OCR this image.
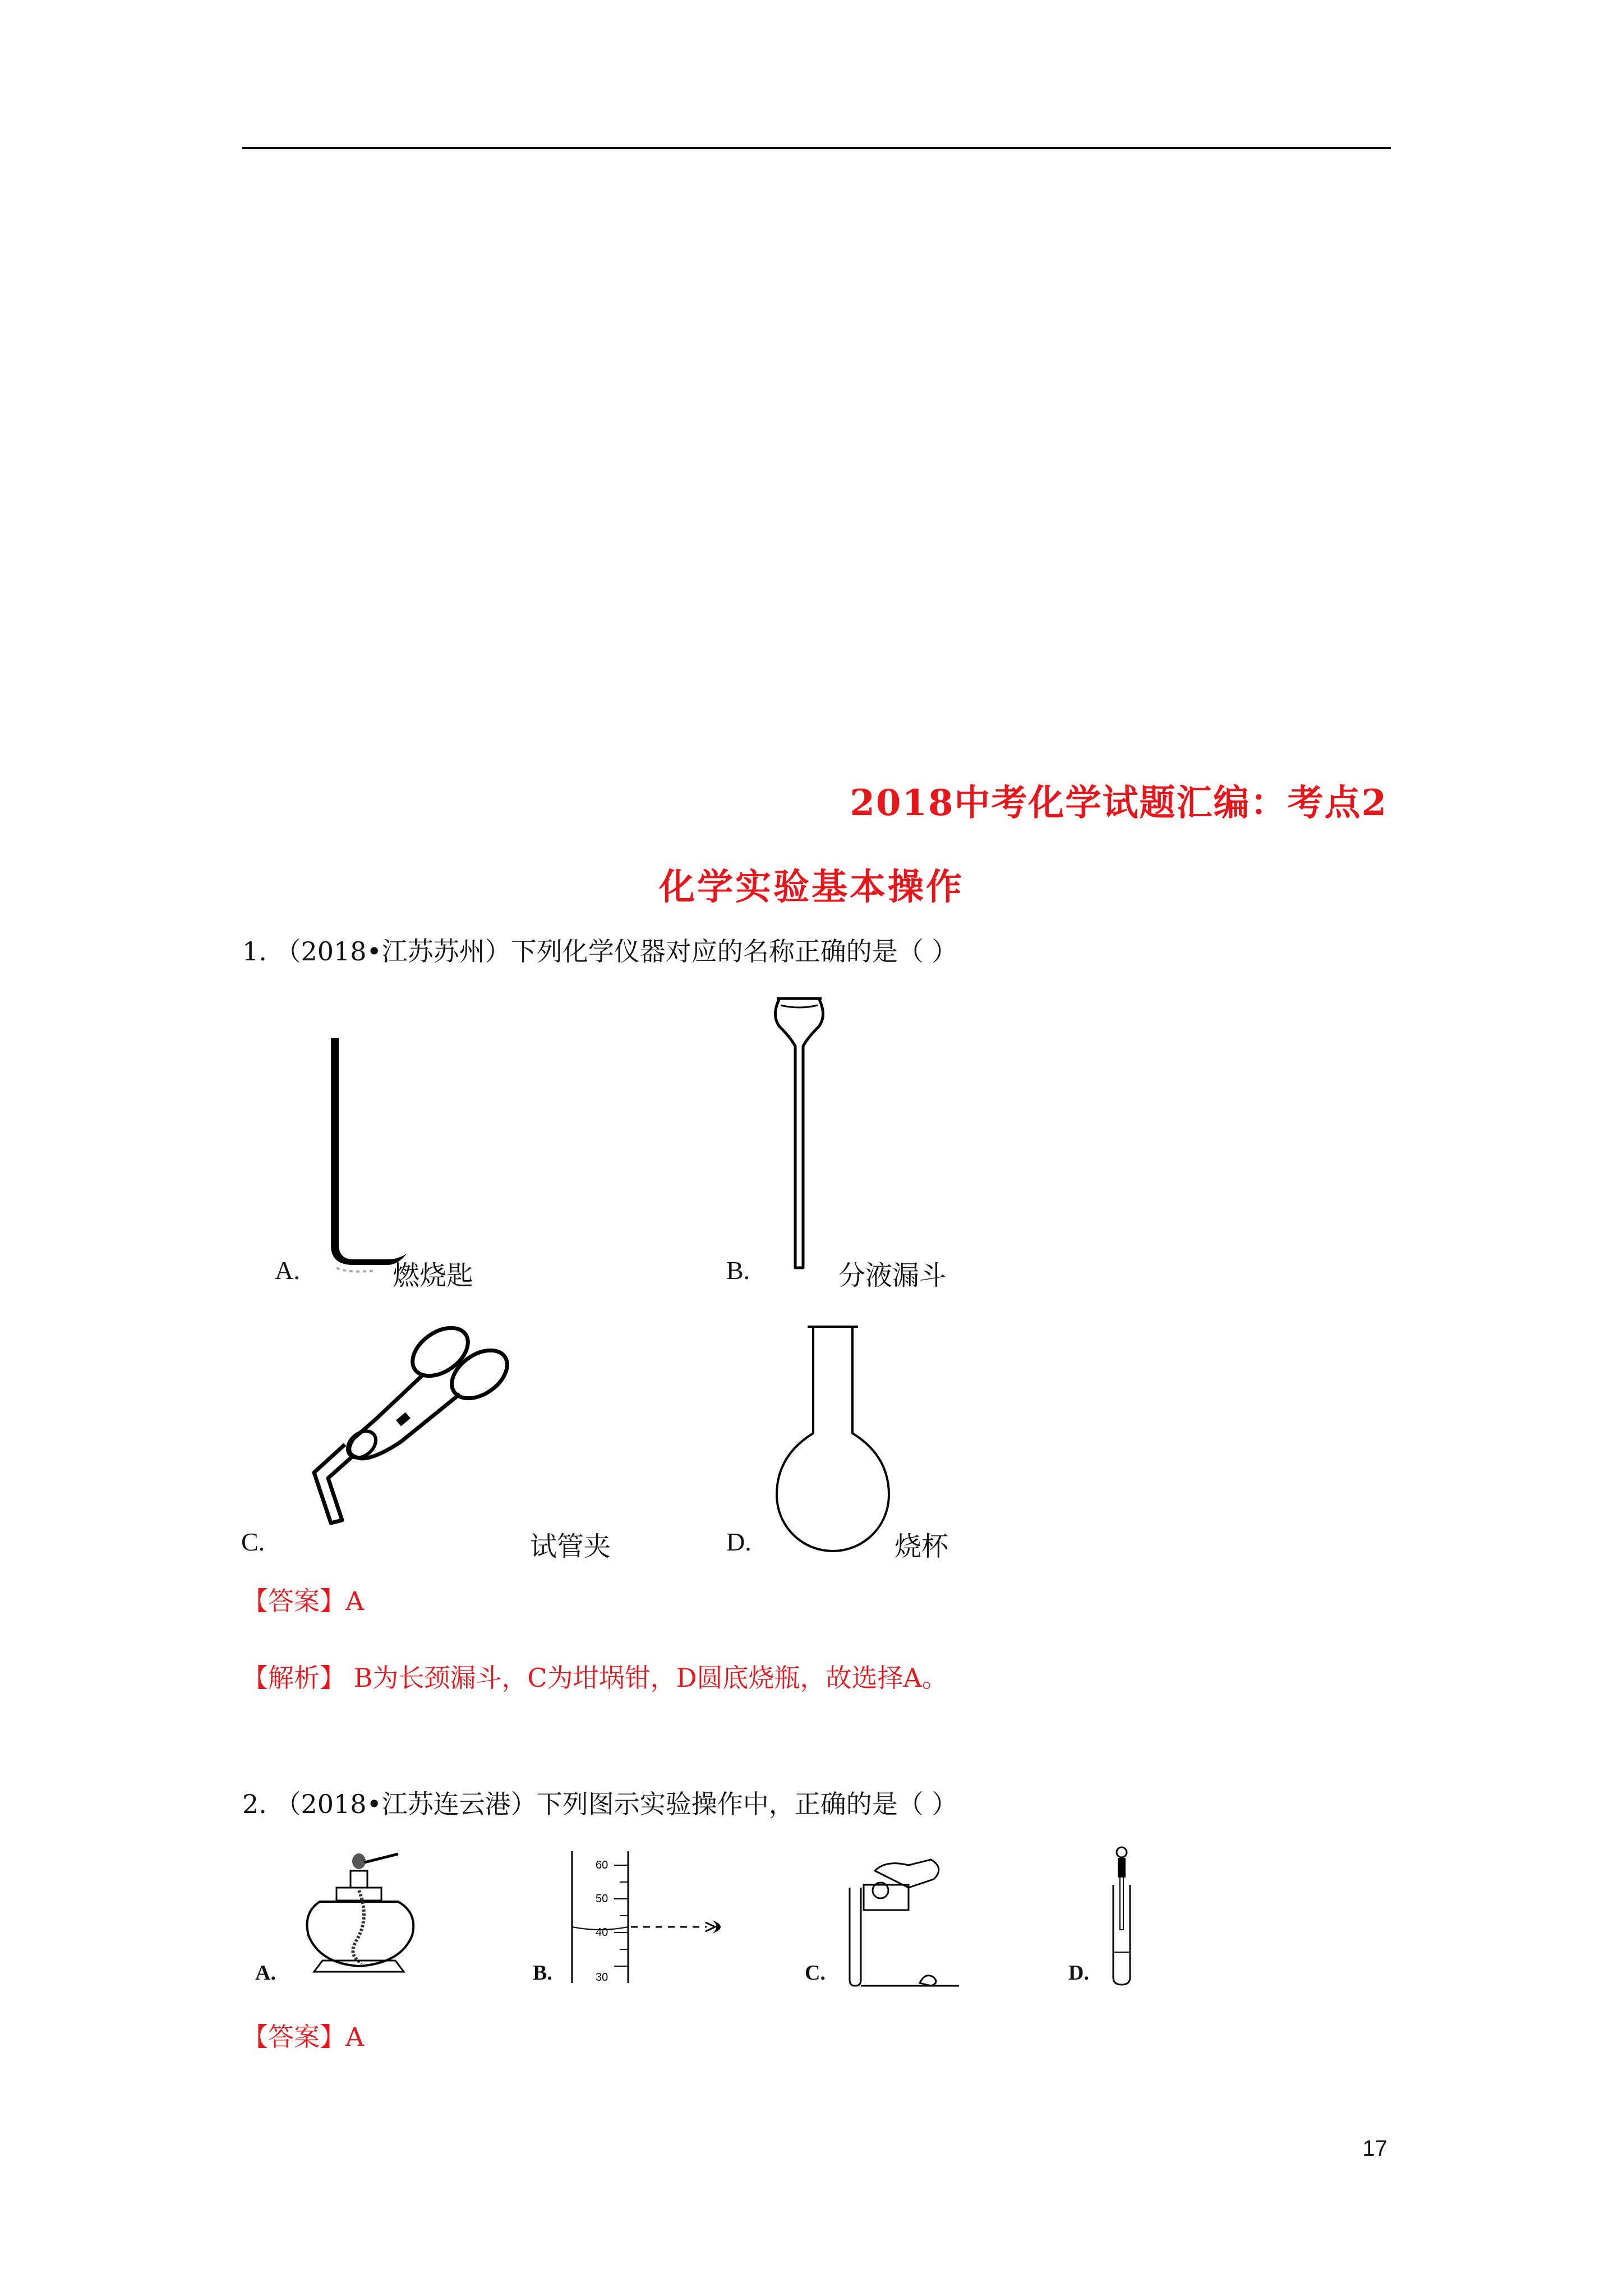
2018中考化学试题汇编：考点2
化学实验基本操作
1. （2018•江苏苏州）下列化学仪器对应的名称正确的是（ ）
A.	燃烧匙	B.	分液漏斗
C.	试管夹	D.	烧杯
【答案】A
【解析】 B为长颈漏斗，C为坩埚钳，D圆底烧瓶，故选择A。
2. （2018•江苏连云港）下列图示实验操作中，正确的是（ ）
A.
60
50
40
30
B.	C.	D.
【答案】A
17
